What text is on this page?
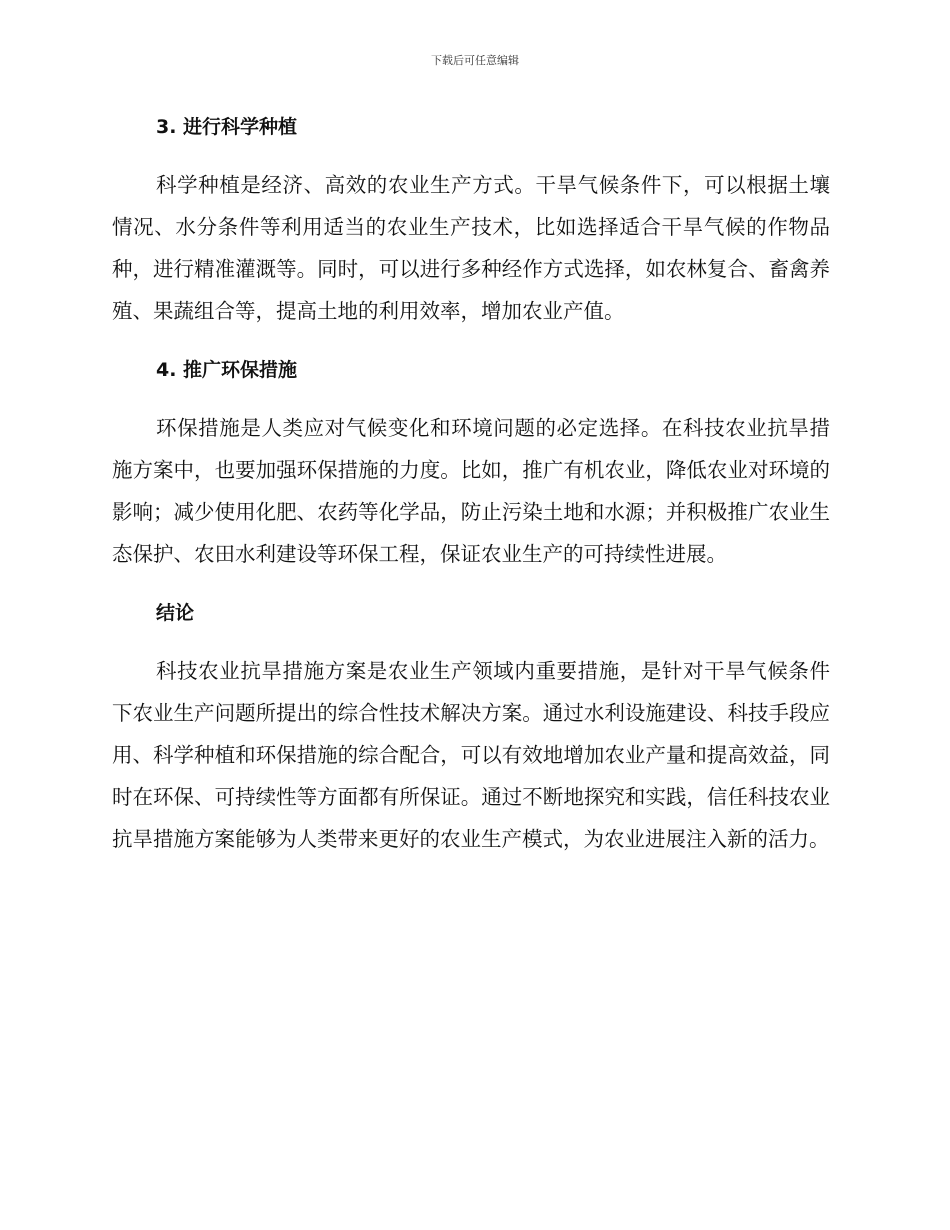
下载后可任意编辑
3. 进行科学种植

科学种植是经济、高效的农业生产方式。干旱气候条件下，可以根据土壤情况、水分条件等利用适当的农业生产技术，比如选择适合干旱气候的作物品种，进行精准灌溉等。同时，可以进行多种经作方式选择，如农林复合、畜禽养殖、果蔬组合等，提高土地的利用效率，增加农业产值。

4. 推广环保措施

环保措施是人类应对气候变化和环境问题的必定选择。在科技农业抗旱措施方案中，也要加强环保措施的力度。比如，推广有机农业，降低农业对环境的影响；减少使用化肥、农药等化学品，防止污染土地和水源；并积极推广农业生态保护、农田水利建设等环保工程，保证农业生产的可持续性进展。

结论

科技农业抗旱措施方案是农业生产领域内重要措施，是针对干旱气候条件下农业生产问题所提出的综合性技术解决方案。通过水利设施建设、科技手段应用、科学种植和环保措施的综合配合，可以有效地增加农业产量和提高效益，同时在环保、可持续性等方面都有所保证。通过不断地探究和实践，信任科技农业抗旱措施方案能够为人类带来更好的农业生产模式，为农业进展注入新的活力。
